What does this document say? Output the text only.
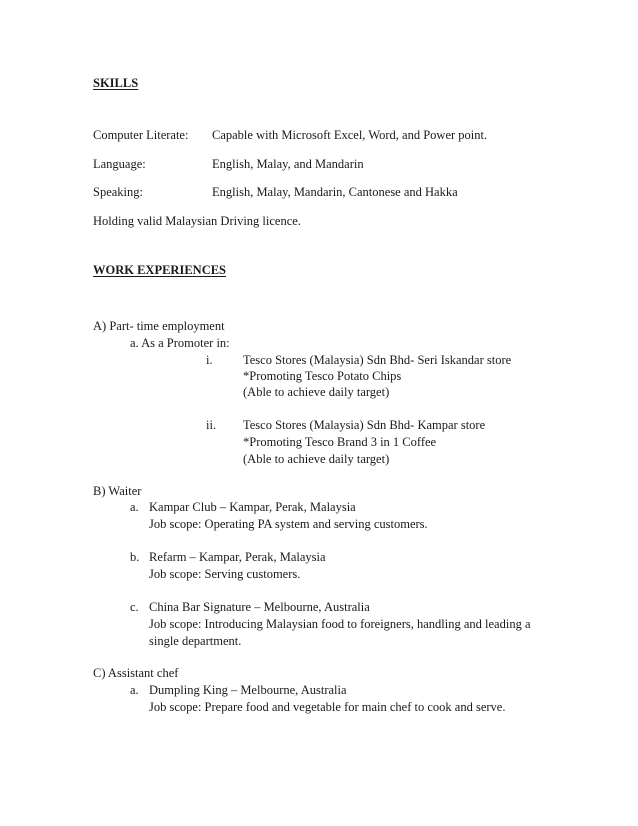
SKILLS
Computer Literate: Capable with Microsoft Excel, Word, and Power point.
Language:	English, Malay, and Mandarin
Speaking:	English, Malay, Mandarin, Cantonese and Hakka
Holding valid Malaysian Driving licence.
WORK EXPERIENCES
A) Part- time employment
a. As a Promoter in:
i. Tesco Stores (Malaysia) Sdn Bhd- Seri Iskandar store
*Promoting Tesco Potato Chips
(Able to achieve daily target)
ii. Tesco Stores (Malaysia) Sdn Bhd- Kampar store
*Promoting Tesco Brand 3 in 1 Coffee
(Able to achieve daily target)
B) Waiter
a. Kampar Club – Kampar, Perak, Malaysia
Job scope: Operating PA system and serving customers.
b. Refarm – Kampar, Perak, Malaysia
Job scope: Serving customers.
c. China Bar Signature – Melbourne, Australia
Job scope: Introducing Malaysian food to foreigners, handling and leading a
single department.
C) Assistant chef
a. Dumpling King – Melbourne, Australia
Job scope: Prepare food and vegetable for main chef to cook and serve.
